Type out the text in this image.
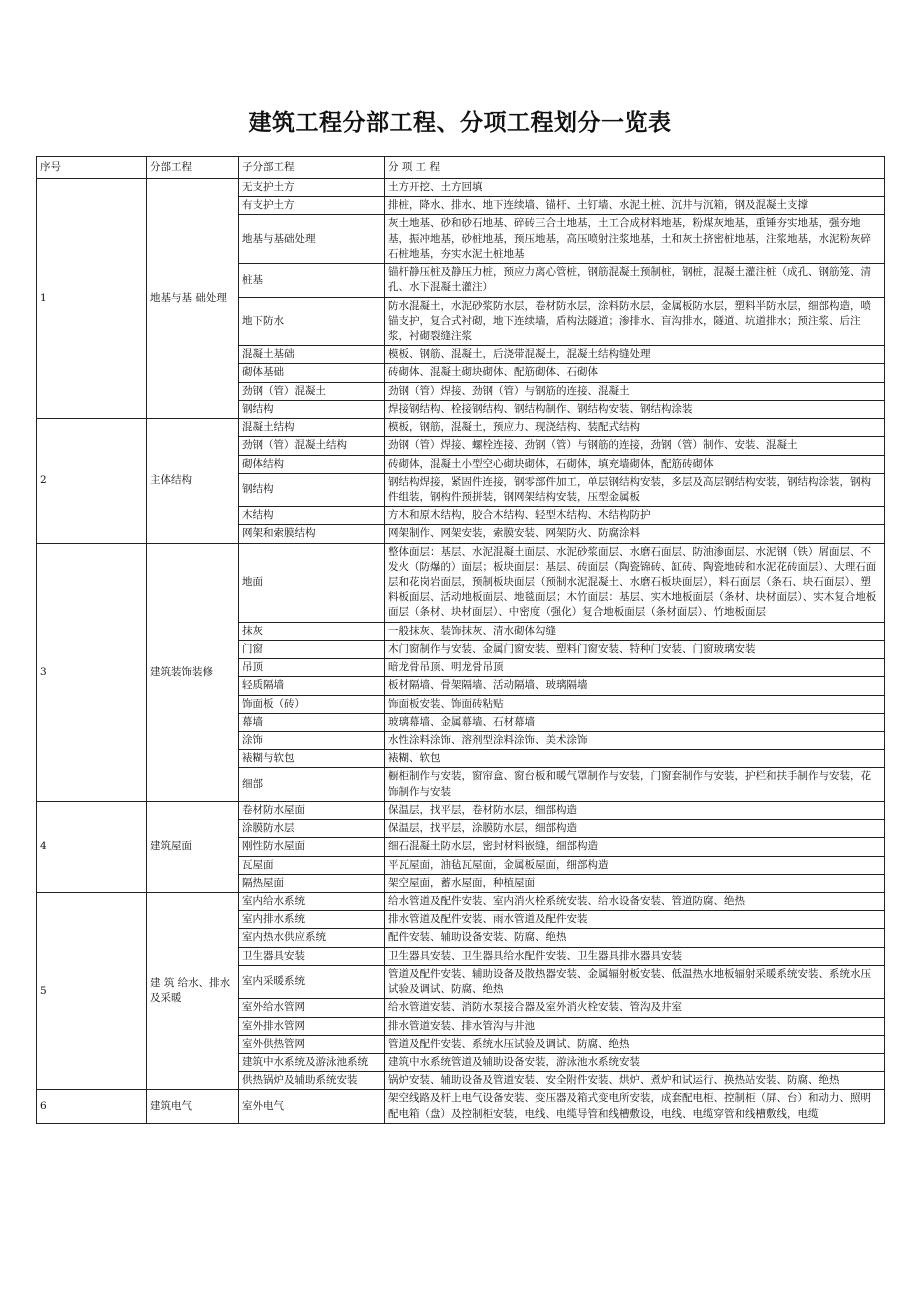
建筑工程分部工程、分项工程划分一览表
序号	分部工程	子分部工程	分 项 工 程
1	地基与基 础处理	无支护土方	土方开挖、土方回填
		有支护土方	排桩，降水、排水、地下连续墙、锚杆、土钉墙、水泥土桩、沉井与沉箱，钢及混凝土支撑
		地基与基础处理	灰土地基、砂和砂石地基、碎砖三合土地基，土工合成材料地基，粉煤灰地基，重锤夯实地基，强夯地基，振冲地基，砂桩地基，预压地基，高压喷射注浆地基，土和灰土挤密桩地基，注浆地基，水泥粉灰碎石桩地基，夯实水泥土桩地基
		桩基	锚杆静压桩及静压力桩，预应力离心管桩，钢筋混凝土预制桩，钢桩，混凝土灌注桩（成孔、钢筋笼、清孔、水下混凝土灌注）
		地下防水	防水混凝土，水泥砂浆防水层，卷材防水层，涂料防水层，金属板防水层，塑料半防水层，细部构造，喷锚支护，复合式衬砌，地下连续墙，盾构法隧道；渗排水、盲沟排水，隧道、坑道排水；预注浆、后注浆，衬砌裂缝注浆
		混凝土基础	模板、钢筋、混凝土，后浇带混凝土，混凝土结构缝处理
		砌体基础	砖砌体、混凝土砌块砌体、配筋砌体、石砌体
		劲钢（管）混凝土	劲钢（管）焊接、劲钢（管）与钢筋的连接、混凝土
		钢结构	焊接钢结构、栓接钢结构、钢结构制作、钢结构安装、钢结构涂装
2	主体结构	混凝土结构	模板，钢筋，混凝土，预应力、现浇结构、装配式结构
		劲钢（管）混凝土结构	劲钢（管）焊接、螺栓连接、劲钢（管）与钢筋的连接，劲钢（管）制作、安装、混凝土
		砌体结构	砖砌体，混凝土小型空心砌块砌体，石砌体，填充墙砌体，配筋砖砌体
		钢结构	钢结构焊接，紧固件连接，钢零部件加工，单层钢结构安装，多层及高层钢结构安装，钢结构涂装，钢构件组装，钢构件预拼装，钢网架结构安装，压型金属板
		木结构	方木和原木结构，胶合木结构、轻型木结构、木结构防护
		网架和索膜结构	网架制作、网架安装，索膜安装、网架防火、防腐涂料
3	建筑装饰装修	地面	整体面层：基层、水泥混凝土面层、水泥砂浆面层、水磨石面层、防油渗面层、水泥钢（铁）屑面层、不发火（防爆的）面层；板块面层：基层、砖面层（陶瓷锦砖、缸砖、陶瓷地砖和水泥花砖面层）、大理石面层和花岗岩面层，预制板块面层（预制水泥混凝土、水磨石板块面层），料石面层（条石、块石面层）、塑料板面层、活动地板面层、地毯面层；木竹面层：基层、实木地板面层（条材、块材面层）、实木复合地板面层（条材、块材面层）、中密度（强化）复合地板面层（条材面层）、竹地板面层
		抹灰	一般抹灰、装饰抹灰、清水砌体勾缝
		门窗	木门窗制作与安装、金属门窗安装、塑料门窗安装、特种门安装、门窗玻璃安装
		吊顶	暗龙骨吊顶、明龙骨吊顶
		轻质隔墙	板材隔墙、骨架隔墙、活动隔墙、玻璃隔墙
		饰面板（砖）	饰面板安装、饰面砖粘贴
		幕墙	玻璃幕墙、金属幕墙、石材幕墙
		涂饰	水性涂料涂饰、溶剂型涂料涂饰、美术涂饰
		裱糊与软包	裱糊、软包
		细部	橱柜制作与安装，窗帘盒、窗台板和暖气罩制作与安装，门窗套制作与安装，护栏和扶手制作与安装，花饰制作与安装
4	建筑屋面	卷材防水屋面	保温层，找平层，卷材防水层，细部构造
		涂膜防水层	保温层，找平层，涂膜防水层，细部构造
		刚性防水屋面	细石混凝土防水层，密封材料嵌缝，细部构造
		瓦屋面	平瓦屋面，油毡瓦屋面，金属板屋面，细部构造
		隔热屋面	架空屋面，蓄水屋面，种植屋面
5	建 筑 给水、排水及采暖	室内给水系统	给水管道及配件安装、室内消火栓系统安装、给水设备安装、管道防腐、绝热
		室内排水系统	排水管道及配件安装、雨水管道及配件安装
		室内热水供应系统	配件安装、辅助设备安装、防腐、绝热
		卫生器具安装	卫生器具安装、卫生器具给水配件安装、卫生器具排水器具安装
		室内采暖系统	管道及配件安装、辅助设备及散热器安装、金属辐射板安装、低温热水地板辐射采暖系统安装、系统水压试验及调试、防腐、绝热
		室外给水管网	给水管道安装、消防水泵接合器及室外消火栓安装、管沟及井室
		室外排水管网	排水管道安装、排水管沟与井池
		室外供热管网	管道及配件安装、系统水压试验及调试、防腐、绝热
		建筑中水系统及游泳池系统	建筑中水系统管道及辅助设备安装，游泳池水系统安装
		供热锅炉及辅助系统安装	锅炉安装、辅助设备及管道安装、安全附件安装、烘炉、煮炉和试运行、换热站安装、防腐、绝热
6	建筑电气	室外电气	架空线路及杆上电气设备安装、变压器及箱式变电所安装，成套配电柜、控制柜（屏、台）和动力、照明配电箱（盘）及控制柜安装，电线、电缆导管和线槽敷设，电线、电缆穿管和线槽敷线，电缆
